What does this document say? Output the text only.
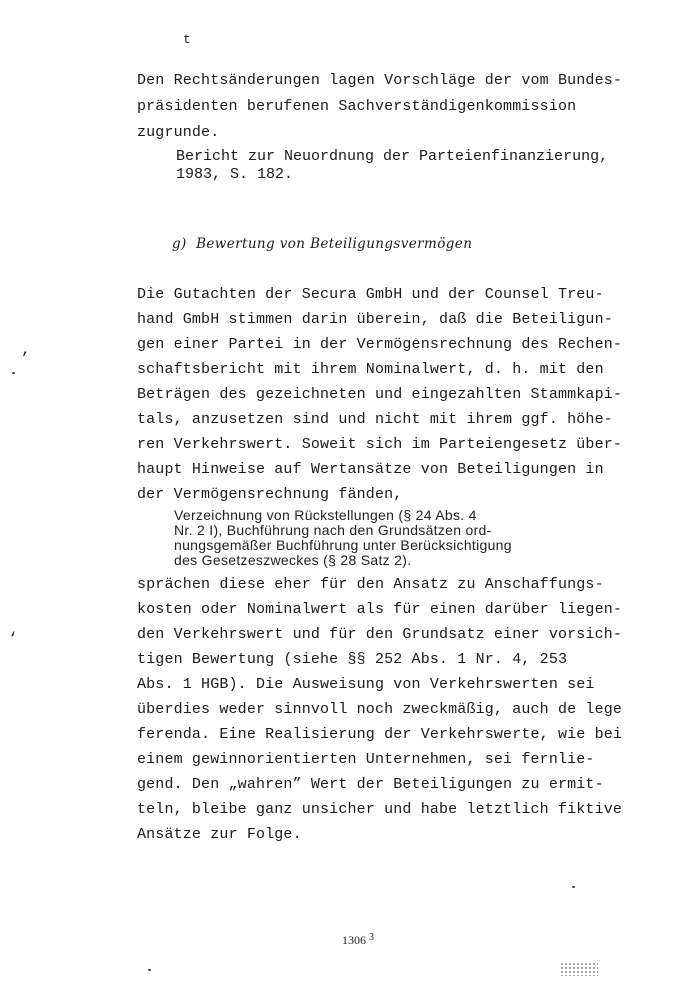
t
’
‘
Den Rechtsänderungen lagen Vorschläge der vom Bundes-
präsidenten berufenen Sachverständigenkommission
zugrunde.
Bericht zur Neuordnung der Parteienfinanzierung,
1983, S. 182.
g)  Bewertung von Beteiligungsvermögen
Die Gutachten der Secura GmbH und der Counsel Treu-
hand GmbH stimmen darin überein, daß die Beteiligun-
gen einer Partei in der Vermögensrechnung des Rechen-
schaftsbericht mit ihrem Nominalwert, d. h. mit den
Beträgen des gezeichneten und eingezahlten Stammkapi-
tals, anzusetzen sind und nicht mit ihrem ggf. höhe-
ren Verkehrswert. Soweit sich im Parteiengesetz über-
haupt Hinweise auf Wertansätze von Beteiligungen in
der Vermögensrechnung fänden,
Verzeichnung von Rückstellungen (§ 24 Abs. 4
Nr. 2 I), Buchführung nach den Grundsätzen ord-
nungsgemäßer Buchführung unter Berücksichtigung
des Gesetzeszweckes (§ 28 Satz 2).
sprächen diese eher für den Ansatz zu Anschaffungs-
kosten oder Nominalwert als für einen darüber liegen-
den Verkehrswert und für den Grundsatz einer vorsich-
tigen Bewertung (siehe §§ 252 Abs. 1 Nr. 4, 253
Abs. 1 HGB). Die Ausweisung von Verkehrswerten sei
überdies weder sinnvoll noch zweckmäßig, auch de lege
ferenda. Eine Realisierung der Verkehrswerte, wie bei
einem gewinnorientierten Unternehmen, sei fernlie-
gend. Den „wahren” Wert der Beteiligungen zu ermit-
teln, bleibe ganz unsicher und habe letztlich fiktive
Ansätze zur Folge.
1306 $^3$
